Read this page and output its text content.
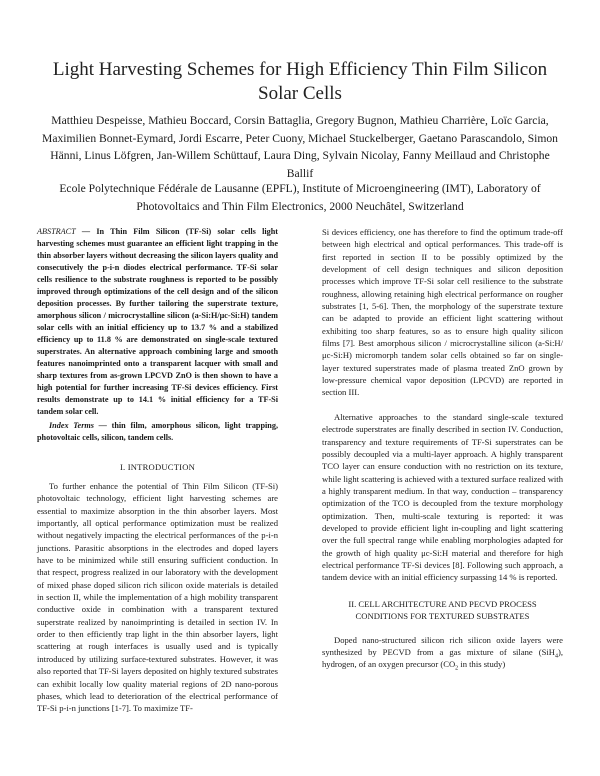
Light Harvesting Schemes for High Efficiency Thin Film Silicon Solar Cells
Matthieu Despeisse, Mathieu Boccard, Corsin Battaglia, Gregory Bugnon, Mathieu Charrière, Loïc Garcia, Maximilien Bonnet-Eymard, Jordi Escarre, Peter Cuony, Michael Stuckelberger, Gaetano Parascandolo, Simon Hänni, Linus Löfgren, Jan-Willem Schüttauf, Laura Ding, Sylvain Nicolay, Fanny Meillaud and Christophe Ballif
Ecole Polytechnique Fédérale de Lausanne (EPFL), Institute of Microengineering (IMT), Laboratory of Photovoltaics and Thin Film Electronics, 2000 Neuchâtel, Switzerland

ABSTRACT — In Thin Film Silicon (TF-Si) solar cells light harvesting schemes must guarantee an efficient light trapping in the thin absorber layers without decreasing the silicon layers quality and consecutively the p-i-n diodes electrical performance. TF-Si solar cells resilience to the substrate roughness is reported to be possibly improved through optimizations of the cell design and of the silicon deposition processes. By further tailoring the superstrate texture, amorphous silicon / microcrystalline silicon (a-Si:H/μc-Si:H) tandem solar cells with an initial efficiency up to 13.7 % and a stabilized efficiency up to 11.8 % are demonstrated on single-scale textured superstrates. An alternative approach combining large and smooth features nanoimprinted onto a transparent lacquer with small and sharp textures from as-grown LPCVD ZnO is then shown to have a high potential for further increasing TF-Si devices efficiency. First results demonstrate up to 14.1 % initial efficiency for a TF-Si tandem solar cell.

Index Terms — thin film, amorphous silicon, light trapping, photovoltaic cells, silicon, tandem cells.

I. INTRODUCTION

To further enhance the potential of Thin Film Silicon (TF-Si) photovoltaic technology, efficient light harvesting schemes are essential to maximize absorption in the thin absorber layers. Most importantly, all optical performance optimization must be realized without negatively impacting the electrical performances of the p-i-n junctions. Parasitic absorptions in the electrodes and doped layers have to be minimized while still ensuring sufficient conduction. In that respect, progress realized in our laboratory with the development of mixed phase doped silicon rich silicon oxide materials is detailed in section II, while the implementation of a high mobility transparent conductive oxide in combination with a transparent textured superstrate realized by nanoimprinting is detailed in section IV. In order to then efficiently trap light in the thin absorber layers, light scattering at rough interfaces is usually used and is typically introduced by utilizing surface-textured substrates. However, it was also reported that TF-Si layers deposited on highly textured substrates can exhibit locally low quality material regions of 2D nano-porous phases, which lead to deterioration of the electrical performance of TF-Si p-i-n junctions [1-7]. To maximize TF-

Si devices efficiency, one has therefore to find the optimum trade-off between high electrical and optical performances. This trade-off is first reported in section II to be possibly optimized by the development of cell design techniques and silicon deposition processes which improve TF-Si solar cell resilience to the substrate roughness, allowing retaining high electrical performance on rougher substrates [1, 5-6]. Then, the morphology of the superstrate texture can be adapted to provide an efficient light scattering without exhibiting too sharp features, so as to ensure high quality silicon films [7]. Best amorphous silicon / microcrystalline silicon (a-Si:H/μc-Si:H) micromorph tandem solar cells obtained so far on single-layer textured superstrates made of plasma treated ZnO grown by low-pressure chemical vapor deposition (LPCVD) are reported in section III.

Alternative approaches to the standard single-scale textured electrode superstrates are finally described in section IV. Conduction, transparency and texture requirements of TF-Si superstrates can be possibly decoupled via a multi-layer approach. A highly transparent TCO layer can ensure conduction with no restriction on its texture, while light scattering is achieved with a textured surface realized with a highly transparent medium. In that way, conduction – transparency optimization of the TCO is decoupled from the texture morphology optimization. Then, multi-scale texturing is reported: it was developed to provide efficient light in-coupling and light scattering over the full spectral range while enabling morphologies adapted for the growth of high quality μc-Si:H material and therefore for high electrical performance TF-Si devices [8]. Following such approach, a tandem device with an initial efficiency surpassing 14 % is reported.

II. CELL ARCHITECTURE AND PECVD PROCESS
CONDITIONS FOR TEXTURED SUBSTRATES

Doped nano-structured silicon rich silicon oxide layers were synthesized by PECVD from a gas mixture of silane (SiH$_4$), hydrogen, of an oxygen precursor ($CO_2$ in this study)
